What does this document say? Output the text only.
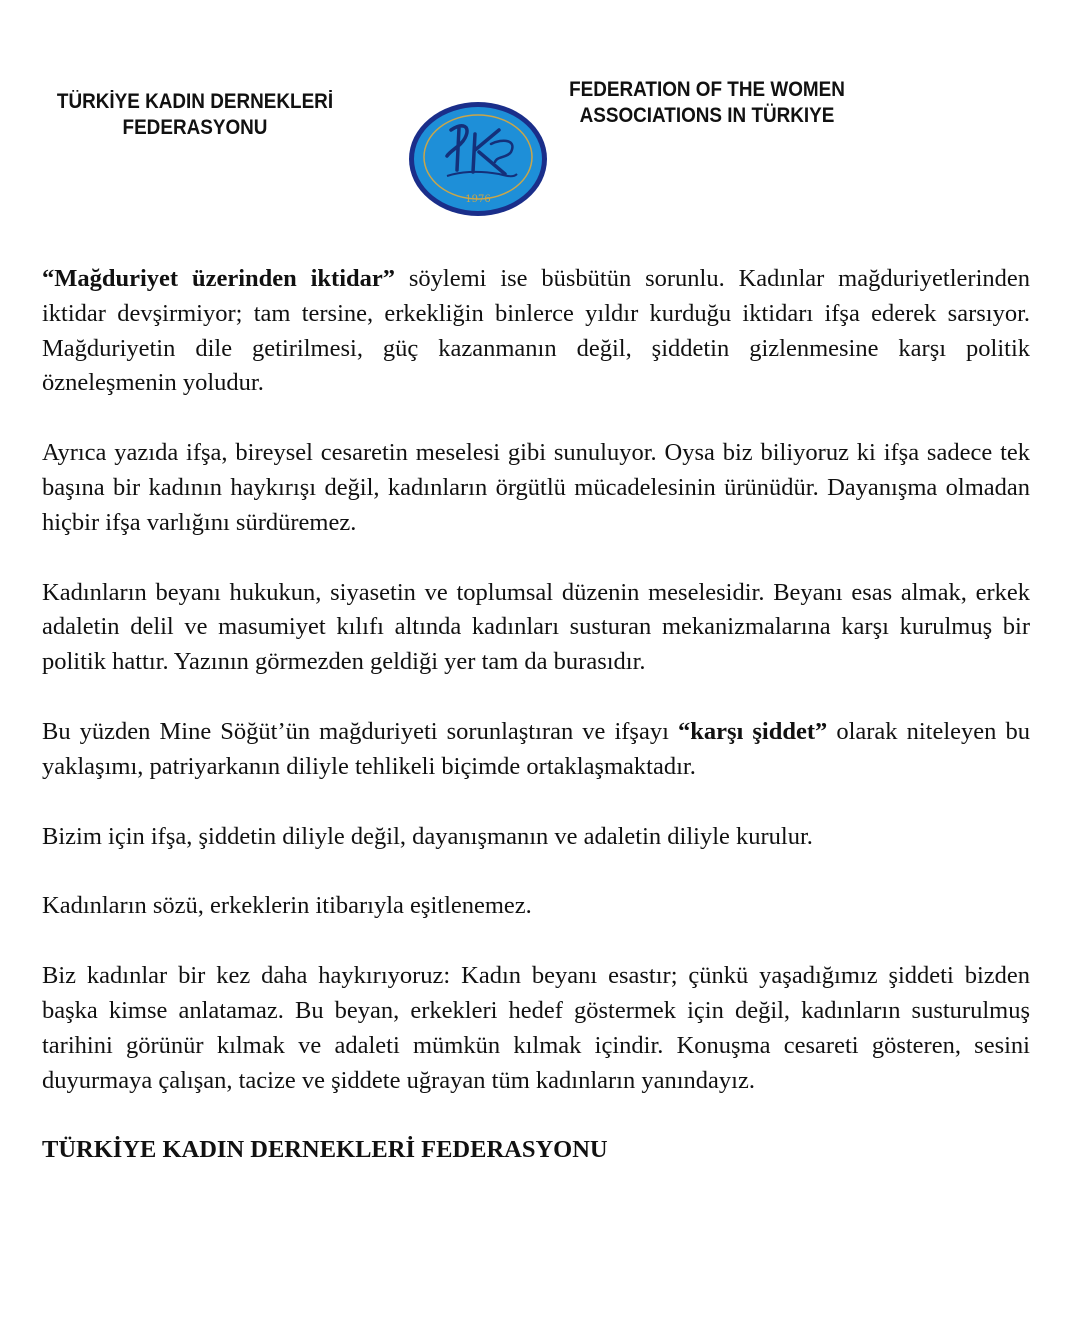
TÜRKİYE KADIN DERNEKLERİ
FEDERASYONU
1976
FEDERATION OF THE WOMEN
ASSOCIATIONS IN TÜRKIYE

“Mağduriyet üzerinden iktidar” söylemi ise büsbütün sorunlu. Kadınlar mağduriyetlerinden iktidar devşirmiyor; tam tersine, erkekliğin binlerce yıldır kurduğu iktidarı ifşa ederek sarsıyor. Mağduriyetin dile getirilmesi, güç kazanmanın değil, şiddetin gizlenmesine karşı politik özneleşmenin yoludur.

Ayrıca yazıda ifşa, bireysel cesaretin meselesi gibi sunuluyor. Oysa biz biliyoruz ki ifşa sadece tek başına bir kadının haykırışı değil, kadınların örgütlü mücadelesinin ürünüdür. Dayanışma olmadan hiçbir ifşa varlığını sürdüremez.

Kadınların beyanı hukukun, siyasetin ve toplumsal düzenin meselesidir. Beyanı esas almak, erkek adaletin delil ve masumiyet kılıfı altında kadınları susturan mekanizmalarına karşı kurulmuş bir politik hattır. Yazının görmezden geldiği yer tam da burasıdır.

Bu yüzden Mine Söğüt’ün mağduriyeti sorunlaştıran ve ifşayı “karşı şiddet” olarak niteleyen bu yaklaşımı, patriyarkanın diliyle tehlikeli biçimde ortaklaşmaktadır.

Bizim için ifşa, şiddetin diliyle değil, dayanışmanın ve adaletin diliyle kurulur.

Kadınların sözü, erkeklerin itibarıyla eşitlenemez.

Biz kadınlar bir kez daha haykırıyoruz: Kadın beyanı esastır; çünkü yaşadığımız şiddeti bizden başka kimse anlatamaz. Bu beyan, erkekleri hedef göstermek için değil, kadınların susturulmuş tarihini görünür kılmak ve adaleti mümkün kılmak içindir. Konuşma cesareti gösteren, sesini duyurmaya çalışan, tacize ve şiddete uğrayan tüm kadınların yanındayız.

TÜRKİYE KADIN DERNEKLERİ FEDERASYONU
